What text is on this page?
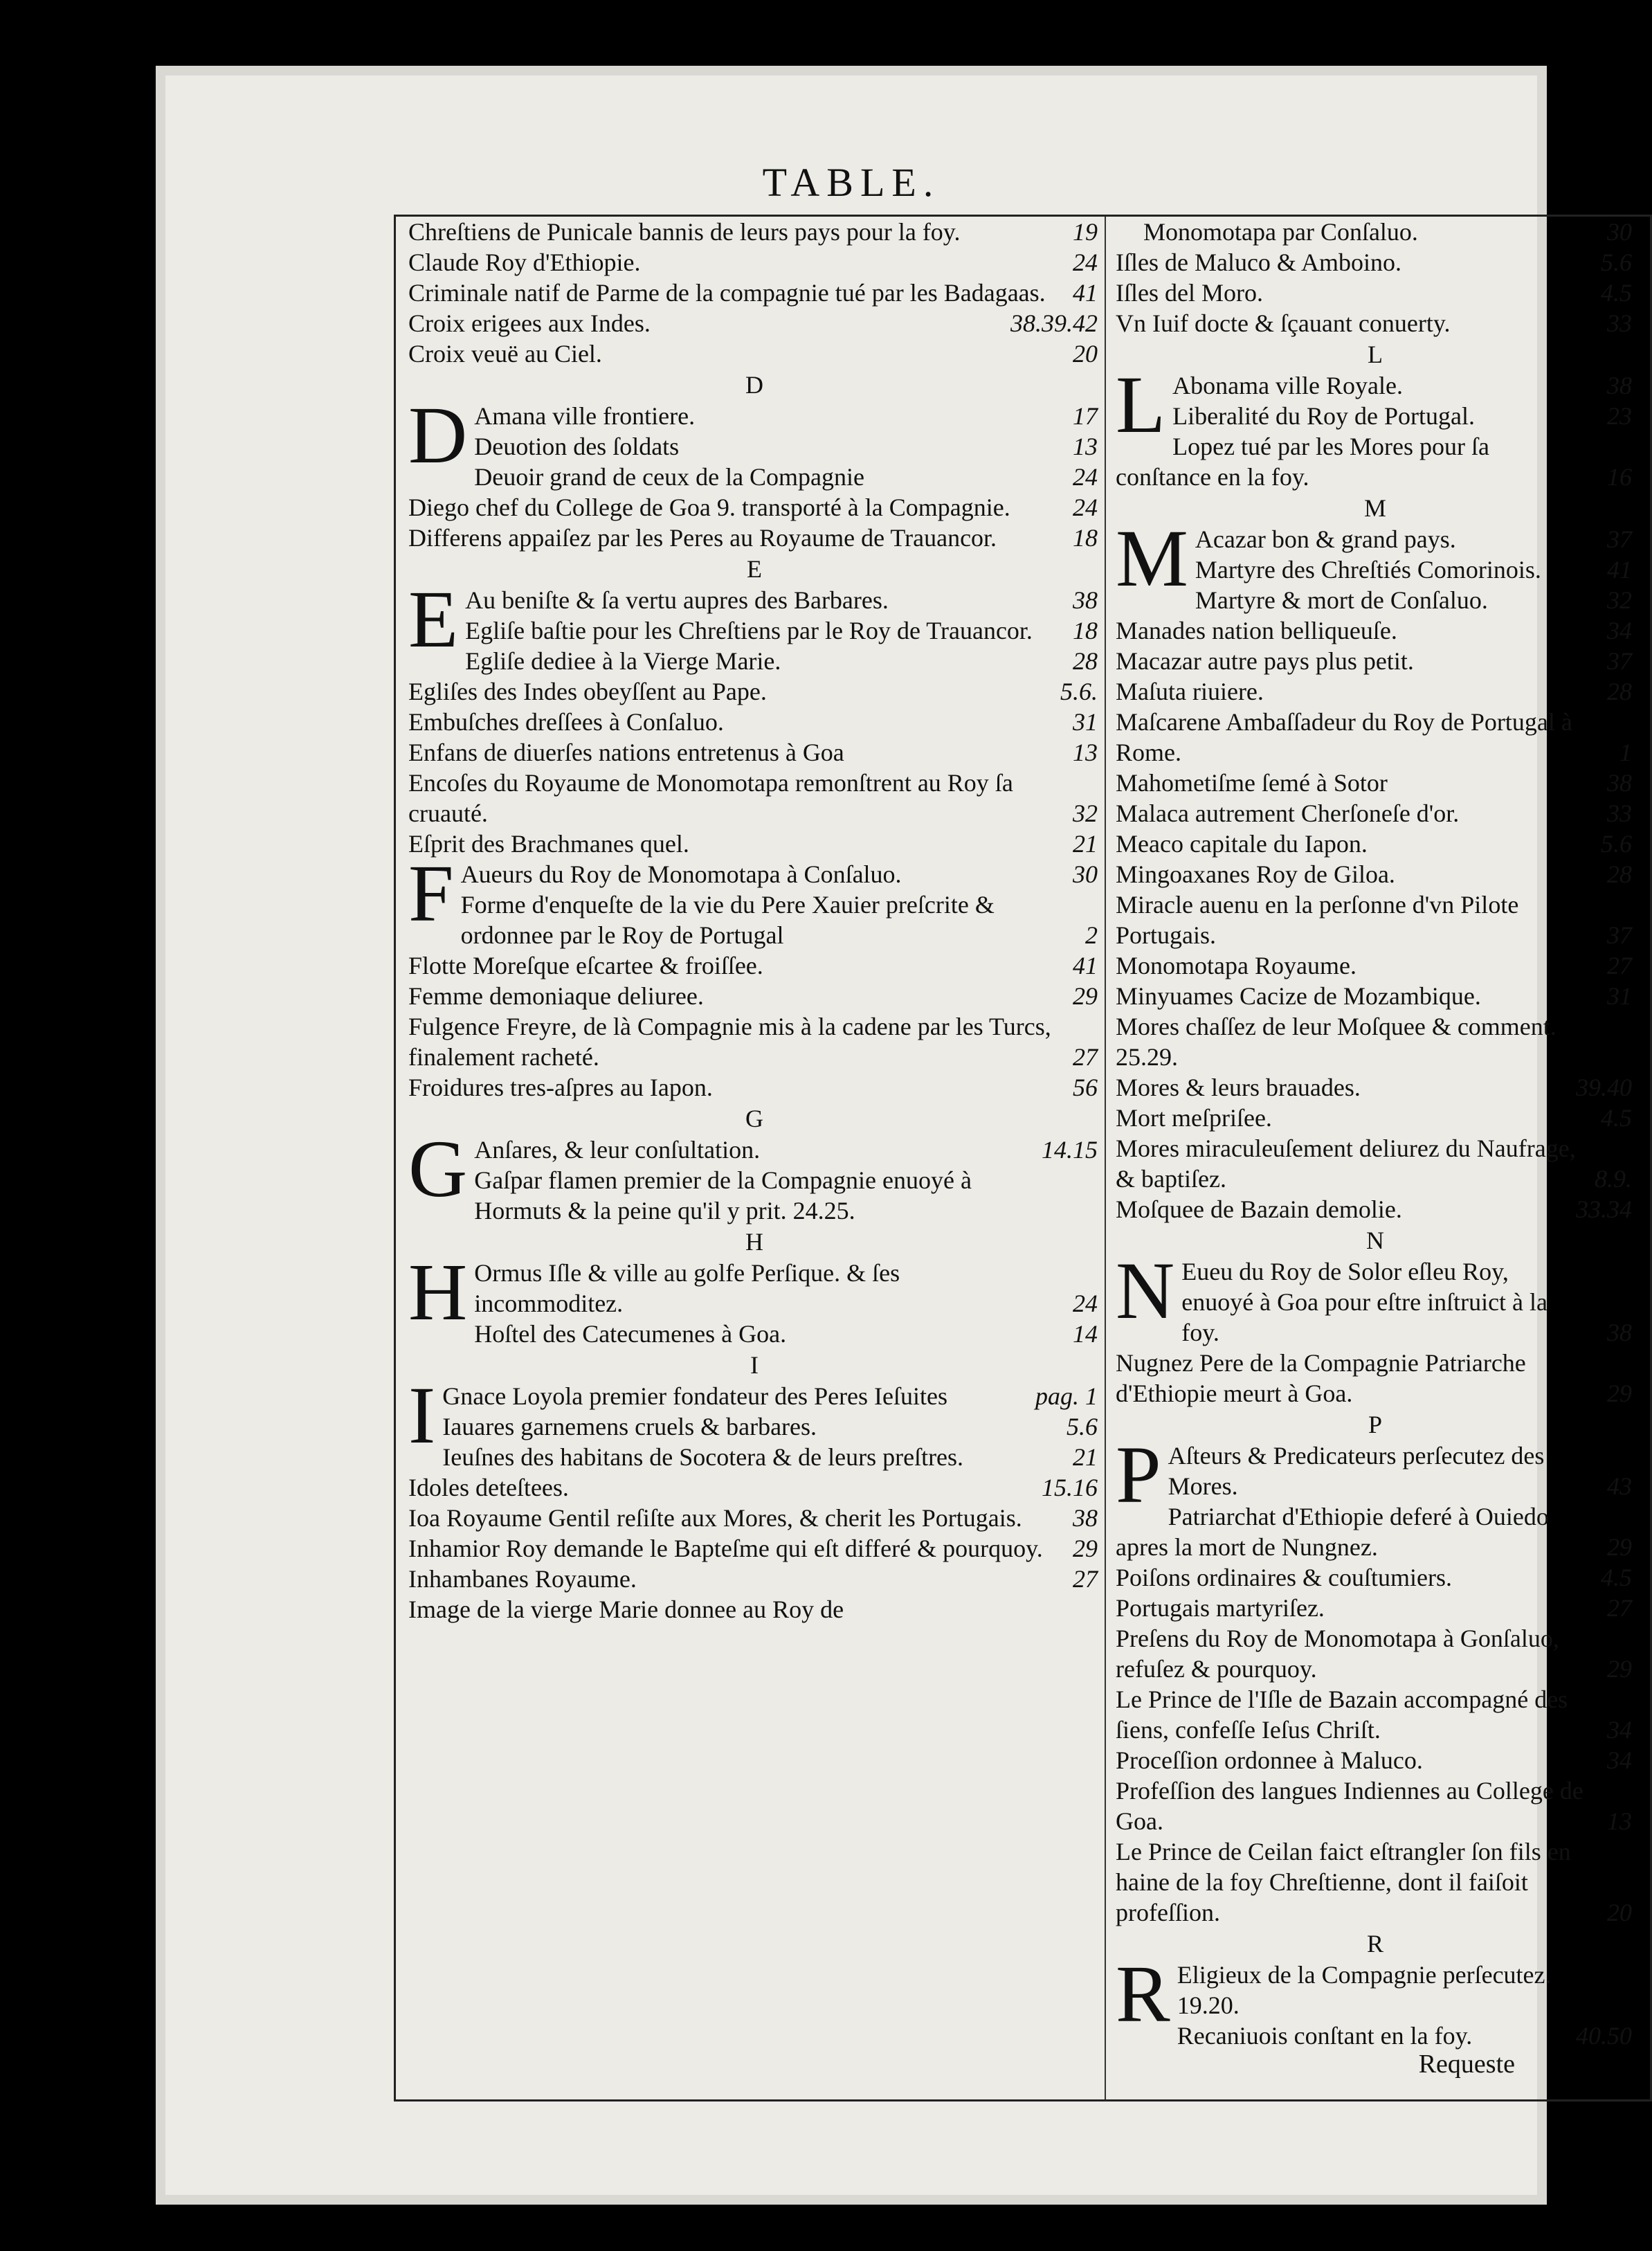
TABLE.
Chreſtiens de Punicale bannis de leurs pays pour la foy.	19
Claude Roy d'Ethiopie.	24
Criminale natif de Parme de la compagnie tué par les Badagaas. 41
Croix erigees aux Indes.	38.39.42
Croix veuë au Ciel.	20
D
D Amana ville frontiere.	17
Deuotion des ſoldats	13
Deuoir grand de ceux de la Compagnie	24
Diego chef du College de Goa 9. transporté à la Compagnie.	24
Differens appaiſez par les Peres au Royaume de Trauancor.	18
E
E Au beniſte & ſa vertu aupres des Barbares.	38
Egliſe baſtie pour les Chreſtiens par le Roy de Trauancor. 18
Egliſe dediee à la Vierge Marie.	28
Egliſes des Indes obeyſſent au Pape.	5.6.
Embuſches dreſſees à Conſaluo.	31
Enfans de diuerſes nations entretenus à Goa	13
Encoſes du Royaume de Monomotapa remonſtrent au Roy ſa cruauté.	32
Eſprit des Brachmanes quel.	21
F Aueurs du Roy de Monomotapa à Conſaluo.	30
Forme d'enqueſte de la vie du Pere Xauier preſcrite & ordonnee par le Roy de Portugal	2
Flotte Moreſque eſcartee & froiſſee.	41
Femme demoniaque deliuree.	29
Fulgence Freyre, de là Compagnie mis à la cadene par les Turcs, finalement racheté.	27
Froidures tres-aſpres au Iapon.	56
G
G Anſares, & leur conſultation.	14.15
Gaſpar flamen premier de la Compagnie enuoyé à Hormuts & la peine qu'il y prit. 24.25.
H
H Ormus Iſle & ville au golfe Perſique. & ſes incommoditez.	24
Hoſtel des Catecumenes à Goa.	14
I
I Gnace Loyola premier fondateur des Peres Ieſuites	pag. 1
Iauares garnemens cruels & barbares.	5.6
Ieuſnes des habitans de Socotera & de leurs preſtres.	21
Idoles deteſtees.	15.16
Ioa Royaume Gentil reſiſte aux Mores, & cherit les Portugais. 38
Inhamior Roy demande le Bapteſme qui eſt differé & pourquoy. 29
Inhambanes Royaume.	27
Image de la vierge Marie donnee au Roy de
Monomotapa par Conſaluo.	30
Iſles de Maluco & Amboino.	5.6
Iſles del Moro.	4.5
Vn Iuif docte & ſçauant conuerty.	33
L
L Abonama ville Royale.	38
Liberalité du Roy de Portugal.	23
Lopez tué par les Mores pour ſa conſtance en la foy.	16
M
M Acazar bon & grand pays.	37
Martyre des Chreſtiés Comorinois.	41
Martyre & mort de Conſaluo.	32
Manades nation belliqueuſe.	34
Macazar autre pays plus petit.	37
Maſuta riuiere.	28
Maſcarene Ambaſſadeur du Roy de Portugal à Rome.	1
Mahometiſme ſemé à Sotor	38
Malaca autrement Cherſoneſe d'or.	33
Meaco capitale du Iapon.	5.6
Mingoaxanes Roy de Giloa.	28
Miracle auenu en la perſonne d'vn Pilote Portugais.	37
Monomotapa Royaume.	27
Minyuames Cacize de Mozambique.	31
Mores chaſſez de leur Moſquee & comment. 25.29.
Mores & leurs brauades.	39.40
Mort meſpriſee.	4.5
Mores miraculeuſement deliurez du Naufrage, & baptiſez.	8.9.
Moſquee de Bazain demolie.	33.34
N
N Eueu du Roy de Solor eſleu Roy, enuoyé à Goa pour eſtre inſtruict à la foy.	38
Nugnez Pere de la Compagnie Patriarche d'Ethiopie meurt à Goa.	29
P
P Aſteurs & Predicateurs perſecutez des Mores.	43
Patriarchat d'Ethiopie deferé à Ouiedo apres la mort de Nungnez.	29
Poiſons ordinaires & couſtumiers.	4.5
Portugais martyriſez.	27
Preſens du Roy de Monomotapa à Gonſaluo, refuſez & pourquoy.	29
Le Prince de l'Iſle de Bazain accompagné des ſiens, confeſſe Ieſus Chriſt.	34
Proceſſion ordonnee à Maluco.	34
Profeſſion des langues Indiennes au College de Goa.	13
Le Prince de Ceilan faict eſtrangler ſon fils en haine de la foy Chreſtienne, dont il faiſoit profeſſion.	20
R
R Eligieux de la Compagnie perſecutez. 19.20.
Recaniuois conſtant en la foy.	40.50
Requeste
